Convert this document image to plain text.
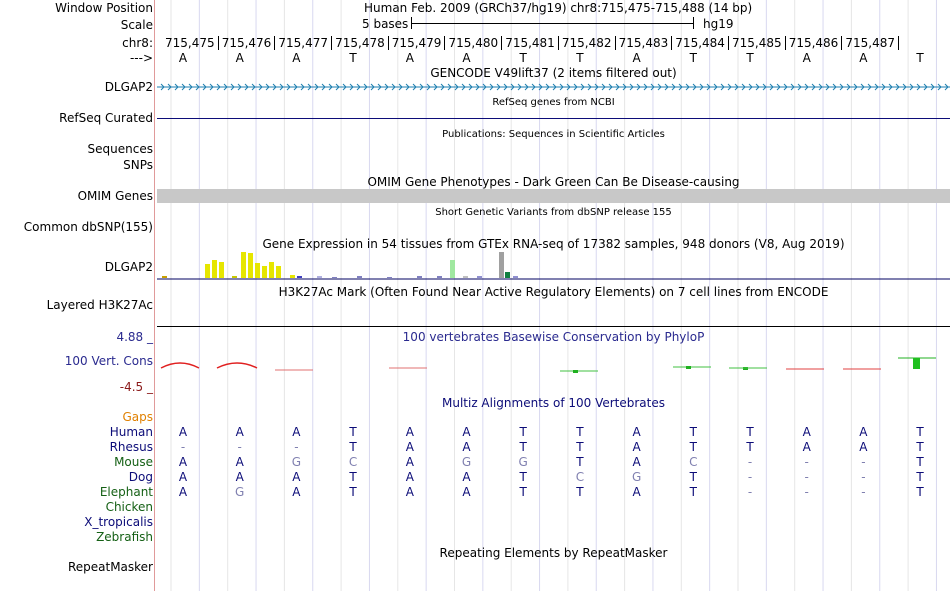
Window Position	Human Feb. 2009 (GRCh37/hg19) chr8:715,475-715,488 (14 bp)
Scale	5 bases	hg19
chr8: 715,475 715,476 715,477 715,478 715,479 715,480 715,481 715,482 715,483 715,484 715,485 715,486 715,487
--->	A	A	A	T	A	A	T	T	A	T	T	A	A	T
GENCODE V49lift37 (2 items filtered out)
DLGAP2
RefSeq genes from NCBI
RefSeq Curated
Publications: Sequences in Scientific Articles
Sequences
SNPs
OMIM Gene Phenotypes - Dark Green Can Be Disease-causing
OMIM Genes
Short Genetic Variants from dbSNP release 155
Common dbSNP(155)
Gene Expression in 54 tissues from GTEx RNA-seq of 17382 samples, 948 donors (V8, Aug 2019)
DLGAP2
H3K27Ac Mark (Often Found Near Active Regulatory Elements) on 7 cell lines from ENCODE
Layered H3K27Ac
100 vertebrates Basewise Conservation by PhyloP
4.88 _
100 Vert. Cons
-4.5 _
Multiz Alignments of 100 Vertebrates
Gaps
Human	A	A	A	T	A	A	T	T	A	T	T	A	A	T
Rhesus	-	-	-	T	A	A	T	T	A	T	T	A	A	T
Mouse	A	A	G	C	A	G	G	T	A	C	-	-	-	T
Dog	A	A	A	T	A	A	T	C	G	T	-	-	-	T
Elephant	A	G	A	T	A	A	T	T	A	T	-	-	-	T
Chicken
X_tropicalis
Zebrafish
Repeating Elements by RepeatMasker
RepeatMasker
